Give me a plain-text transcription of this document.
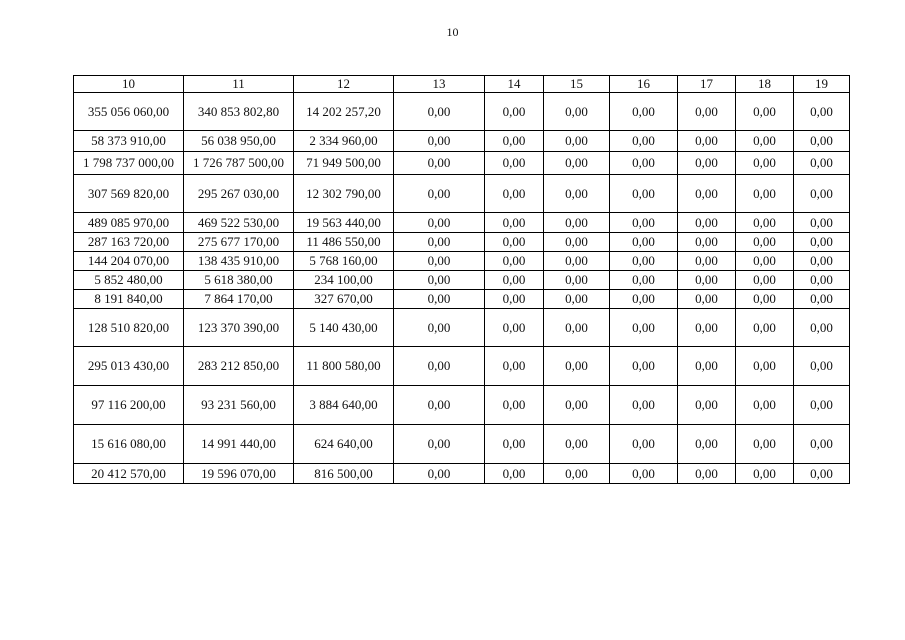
10
10	11	12	13	14	15	16	17	18	19
355 056 060,00	340 853 802,80	14 202 257,20	0,00	0,00	0,00	0,00	0,00	0,00	0,00
58 373 910,00	56 038 950,00	2 334 960,00	0,00	0,00	0,00	0,00	0,00	0,00	0,00
1 798 737 000,00	1 726 787 500,00	71 949 500,00	0,00	0,00	0,00	0,00	0,00	0,00	0,00
307 569 820,00	295 267 030,00	12 302 790,00	0,00	0,00	0,00	0,00	0,00	0,00	0,00
489 085 970,00	469 522 530,00	19 563 440,00	0,00	0,00	0,00	0,00	0,00	0,00	0,00
287 163 720,00	275 677 170,00	11 486 550,00	0,00	0,00	0,00	0,00	0,00	0,00	0,00
144 204 070,00	138 435 910,00	5 768 160,00	0,00	0,00	0,00	0,00	0,00	0,00	0,00
5 852 480,00	5 618 380,00	234 100,00	0,00	0,00	0,00	0,00	0,00	0,00	0,00
8 191 840,00	7 864 170,00	327 670,00	0,00	0,00	0,00	0,00	0,00	0,00	0,00
128 510 820,00	123 370 390,00	5 140 430,00	0,00	0,00	0,00	0,00	0,00	0,00	0,00
295 013 430,00	283 212 850,00	11 800 580,00	0,00	0,00	0,00	0,00	0,00	0,00	0,00
97 116 200,00	93 231 560,00	3 884 640,00	0,00	0,00	0,00	0,00	0,00	0,00	0,00
15 616 080,00	14 991 440,00	624 640,00	0,00	0,00	0,00	0,00	0,00	0,00	0,00
20 412 570,00	19 596 070,00	816 500,00	0,00	0,00	0,00	0,00	0,00	0,00	0,00
